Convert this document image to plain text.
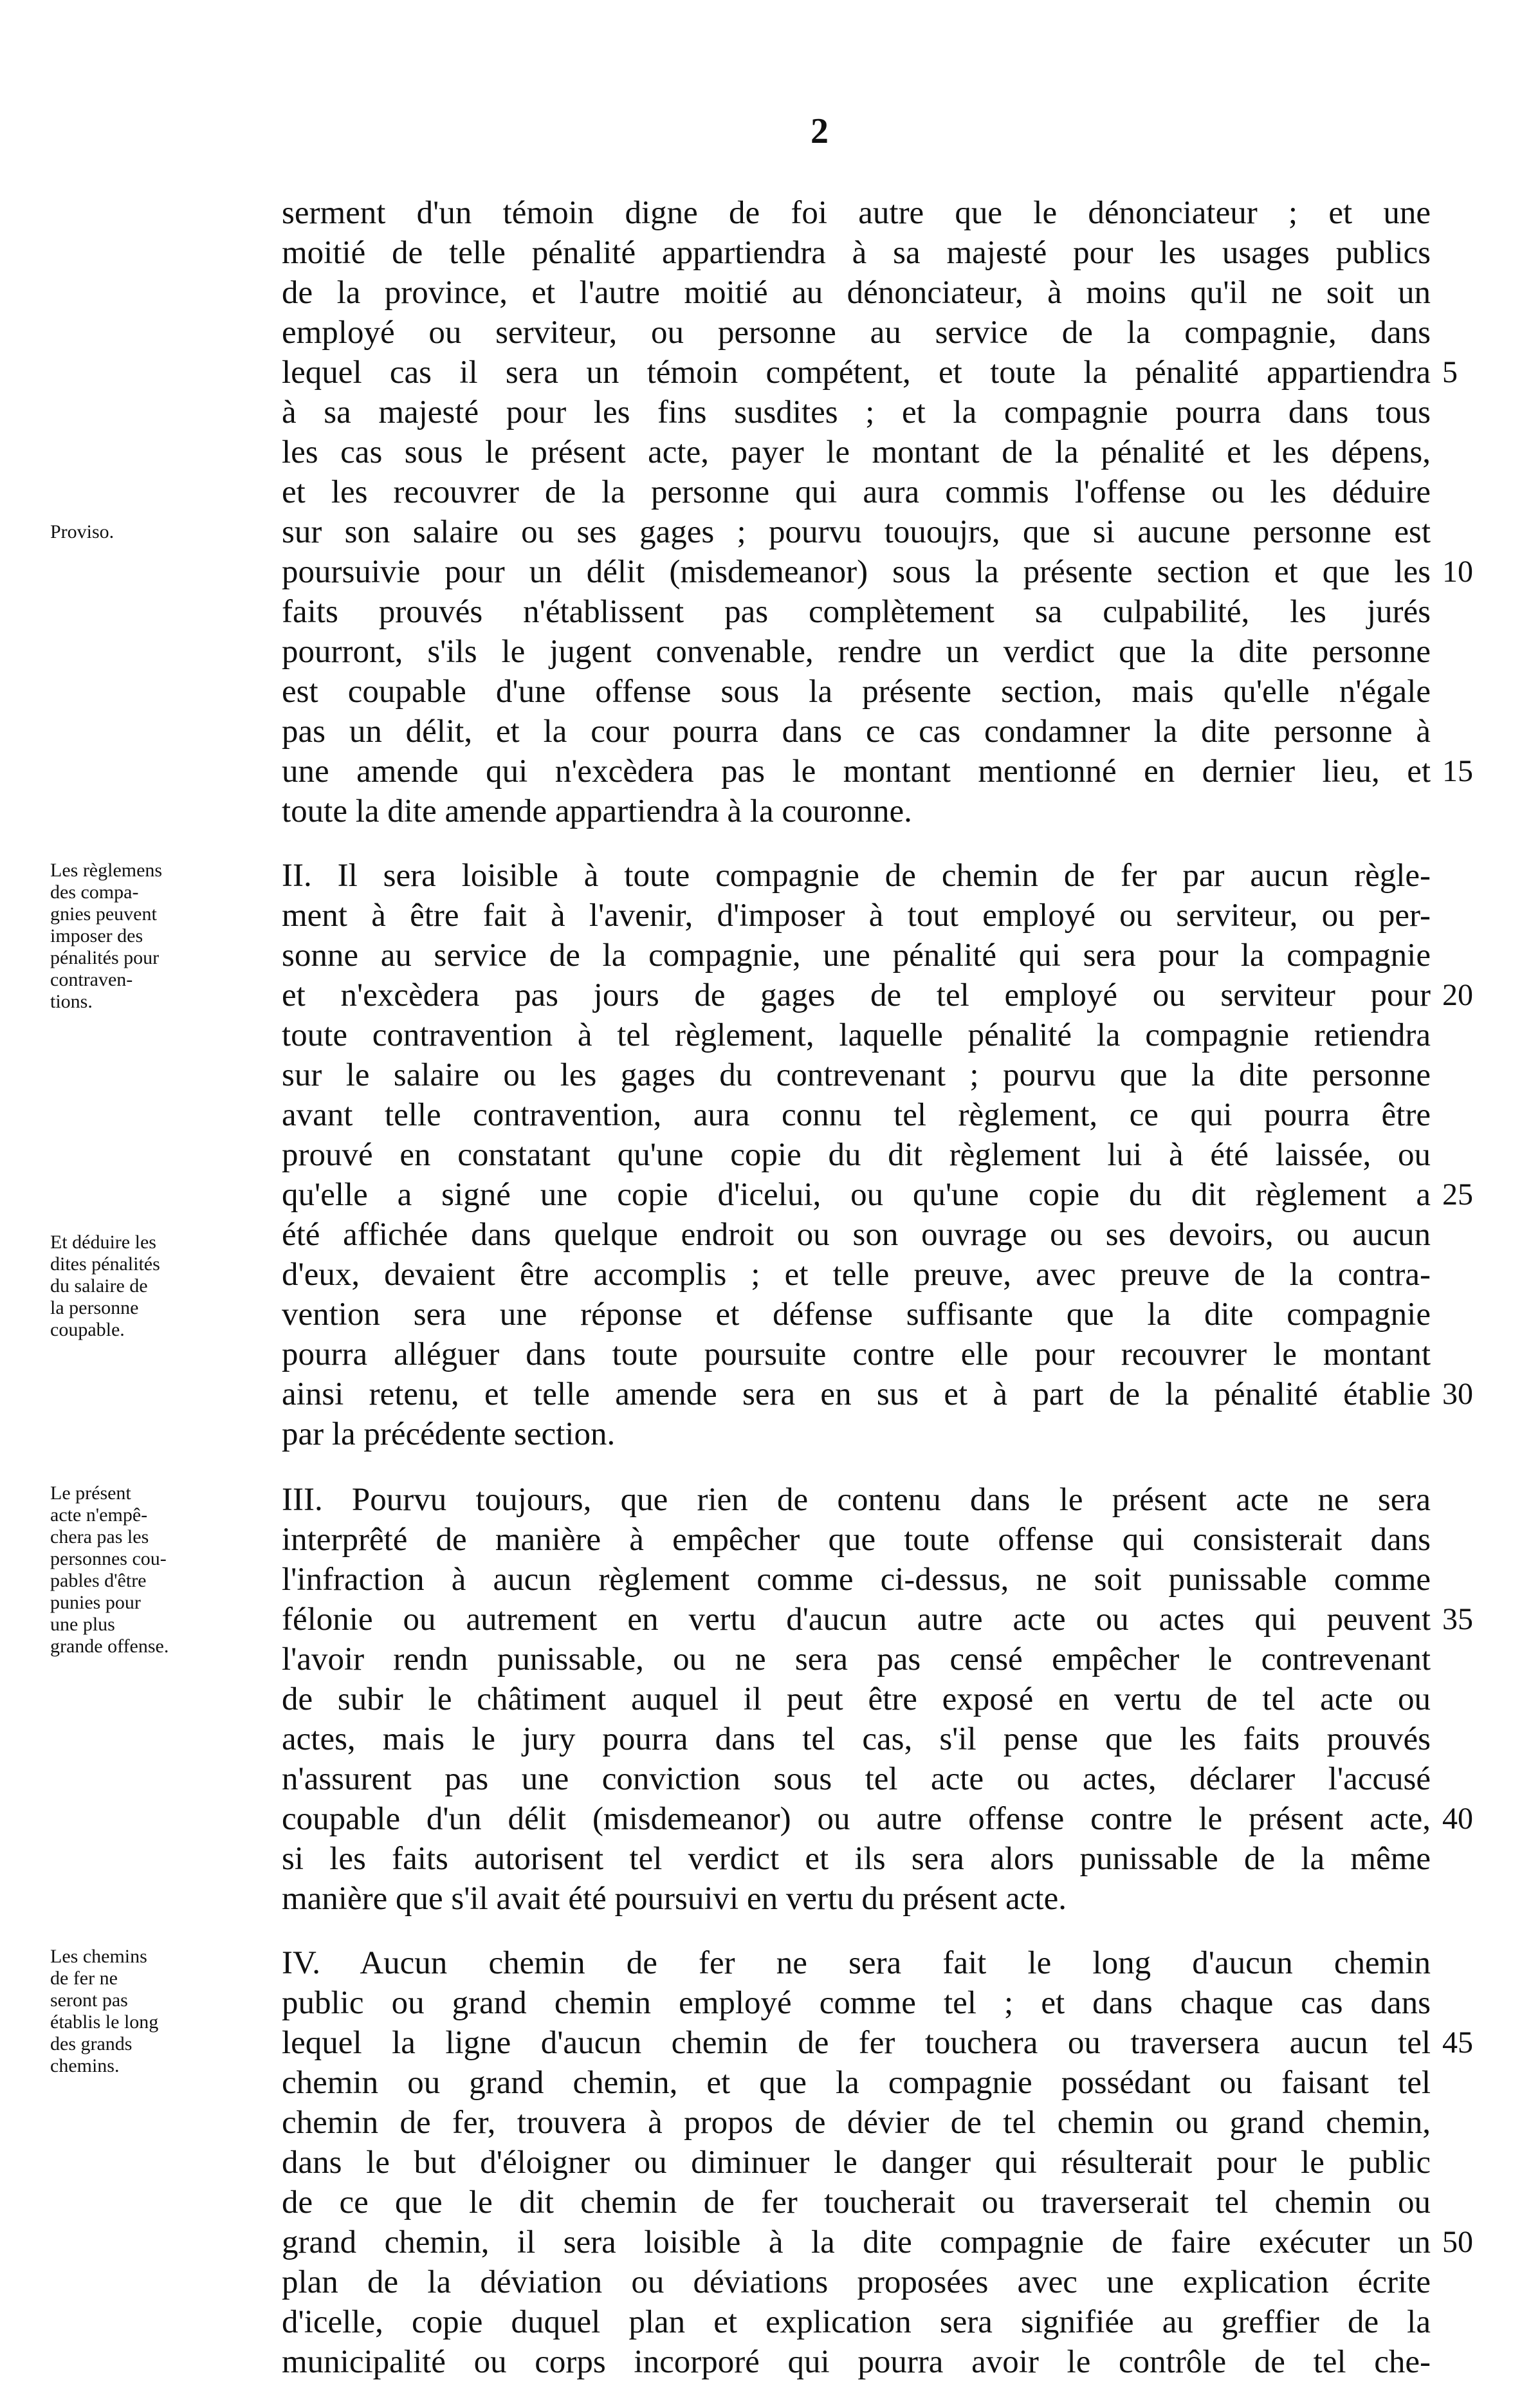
2
serment d'un témoin digne de foi autre que le dénonciateur ; et une
moitié de telle pénalité appartiendra à sa majesté pour les usages publics
de la province, et l'autre moitié au dénonciateur, à moins qu'il ne soit un
employé ou serviteur, ou personne au service de la compagnie, dans
lequel cas il sera un témoin compétent, et toute la pénalité appartiendra
à sa majesté pour les fins susdites ; et la compagnie pourra dans tous
les cas sous le présent acte, payer le montant de la pénalité et les dépens,
et les recouvrer de la personne qui aura commis l'offense ou les déduire
sur son salaire ou ses gages ; pourvu tououjrs, que si aucune personne est
poursuivie pour un délit (misdemeanor) sous la présente section et que les
faits prouvés n'établissent pas complètement sa culpabilité, les jurés
pourront, s'ils le jugent convenable, rendre un verdict que la dite personne
est coupable d'une offense sous la présente section, mais qu'elle n'égale
pas un délit, et la cour pourra dans ce cas condamner la dite personne à
une amende qui n'excèdera pas le montant mentionné en dernier lieu, et
toute la dite amende appartiendra à la couronne.
II. Il sera loisible à toute compagnie de chemin de fer par aucun règle-
ment à être fait à l'avenir, d'imposer à tout employé ou serviteur, ou per-
sonne au service de la compagnie, une pénalité qui sera pour la compagnie
et n'excèdera pas jours de gages de tel employé ou serviteur pour
toute contravention à tel règlement, laquelle pénalité la compagnie retiendra
sur le salaire ou les gages du contrevenant ; pourvu que la dite personne
avant telle contravention, aura connu tel règlement, ce qui pourra être
prouvé en constatant qu'une copie du dit règlement lui à été laissée, ou
qu'elle a signé une copie d'icelui, ou qu'une copie du dit règlement a
été affichée dans quelque endroit ou son ouvrage ou ses devoirs, ou aucun
d'eux, devaient être accomplis ; et telle preuve, avec preuve de la contra-
vention sera une réponse et défense suffisante que la dite compagnie
pourra alléguer dans toute poursuite contre elle pour recouvrer le montant
ainsi retenu, et telle amende sera en sus et à part de la pénalité établie
par la précédente section.
III. Pourvu toujours, que rien de contenu dans le présent acte ne sera
interprêté de manière à empêcher que toute offense qui consisterait dans
l'infraction à aucun règlement comme ci-dessus, ne soit punissable comme
félonie ou autrement en vertu d'aucun autre acte ou actes qui peuvent
l'avoir rendn punissable, ou ne sera pas censé empêcher le contrevenant
de subir le châtiment auquel il peut être exposé en vertu de tel acte ou
actes, mais le jury pourra dans tel cas, s'il pense que les faits prouvés
n'assurent pas une conviction sous tel acte ou actes, déclarer l'accusé
coupable d'un délit (misdemeanor) ou autre offense contre le présent acte,
si les faits autorisent tel verdict et ils sera alors punissable de la même
manière que s'il avait été poursuivi en vertu du présent acte.
IV. Aucun chemin de fer ne sera fait le long d'aucun chemin
public ou grand chemin employé comme tel ; et dans chaque cas dans
lequel la ligne d'aucun chemin de fer touchera ou traversera aucun tel
chemin ou grand chemin, et que la compagnie possédant ou faisant tel
chemin de fer, trouvera à propos de dévier de tel chemin ou grand chemin,
dans le but d'éloigner ou diminuer le danger qui résulterait pour le public
de ce que le dit chemin de fer toucherait ou traverserait tel chemin ou
grand chemin, il sera loisible à la dite compagnie de faire exécuter un
plan de la déviation ou déviations proposées avec une explication écrite
d'icelle, copie duquel plan et explication sera signifiée au greffier de la
municipalité ou corps incorporé qui pourra avoir le contrôle de tel che-
5
10
15
20
25
30
35
40
45
50
Proviso.
Les règlemens
des compa-
gnies peuvent
imposer des
pénalités pour
contraven-
tions.
Et déduire les
dites pénalités
du salaire de
la personne
coupable.
Le présent
acte n'empê-
chera pas les
personnes cou-
pables d'être
punies pour
une plus
grande offense.
Les chemins
de fer ne
seront pas
établis le long
des grands
chemins.
